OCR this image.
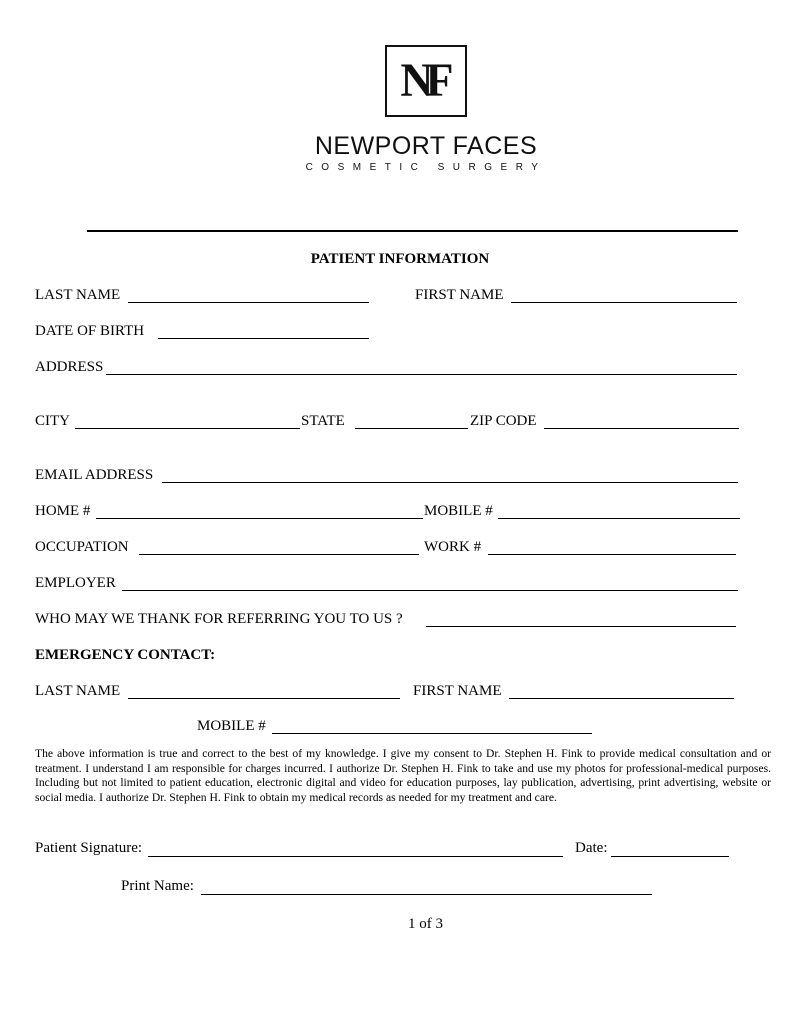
NF
NEWPORT FACES
COSMETIC SURGERY
PATIENT INFORMATION
LAST NAME	FIRST NAME
DATE OF BIRTH
ADDRESS
CITY	STATE	ZIP CODE
EMAIL ADDRESS
HOME #	MOBILE #
OCCUPATION	WORK #
EMPLOYER
WHO MAY WE THANK FOR REFERRING YOU TO US ?
EMERGENCY CONTACT:
LAST NAME	FIRST NAME
MOBILE #
The above information is true and correct to the best of my knowledge. I give my consent to Dr. Stephen H. Fink to provide medical consultation and or treatment. I understand I am responsible for charges incurred. I authorize Dr. Stephen H. Fink to take and use my photos for professional-medical purposes. Including but not limited to patient education, electronic digital and video for education purposes, lay publication, advertising, print advertising, website or social media. I authorize Dr. Stephen H. Fink to obtain my medical records as needed for my treatment and care.
Patient Signature:	Date:
Print Name:
1 of 3
